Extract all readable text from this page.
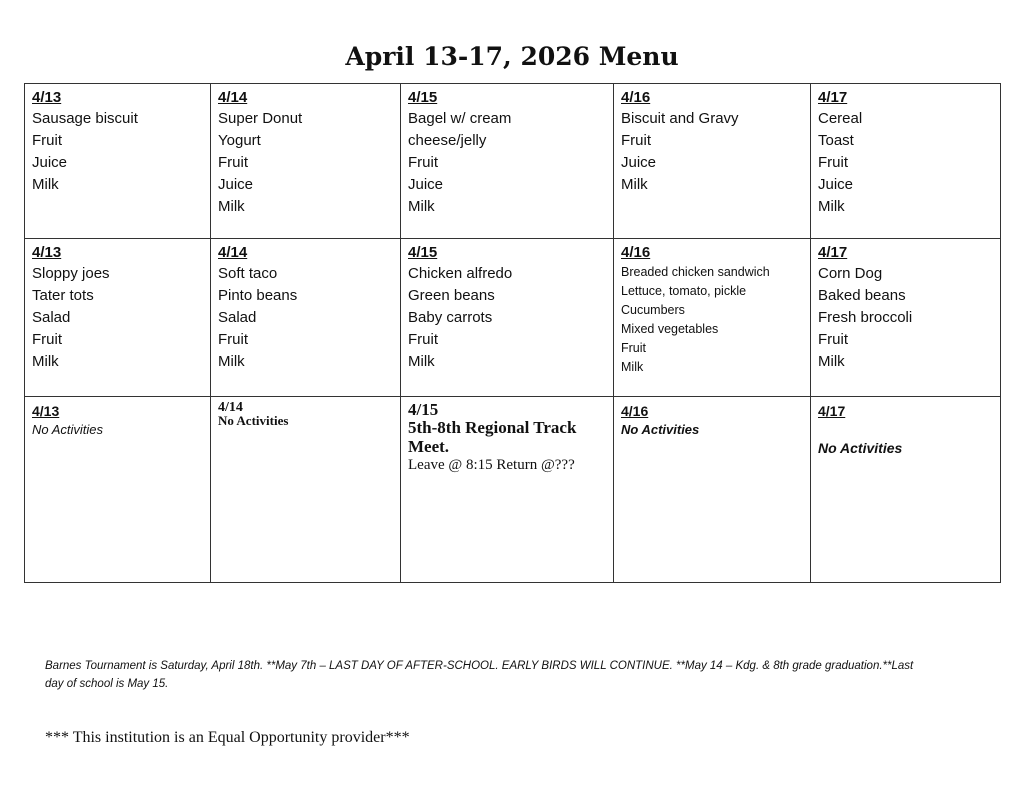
April 13-17, 2026 Menu
4/13
Sausage biscuit
Fruit
Juice
Milk
4/14
Super Donut
Yogurt
Fruit
Juice
Milk
4/15
Bagel w/ cream
cheese/jelly
Fruit
Juice
Milk
4/16
Biscuit and Gravy
Fruit
Juice
Milk
4/17
Cereal
Toast
Fruit
Juice
Milk
4/13
Sloppy joes
Tater tots
Salad
Fruit
Milk
4/14
Soft taco
Pinto beans
Salad
Fruit
Milk
4/15
Chicken alfredo
Green beans
Baby carrots
Fruit
Milk
4/16
Breaded chicken sandwich
Lettuce, tomato, pickle
Cucumbers
Mixed vegetables
Fruit
Milk
4/17
Corn Dog
Baked beans
Fresh broccoli
Fruit
Milk
4/13
No Activities
4/14
No Activities
4/15
5th-8th Regional Track Meet.
Leave @ 8:15 Return @???
4/16
No Activities
4/17
No Activities
Barnes Tournament is Saturday, April 18th. **May 7th – LAST DAY OF AFTER-SCHOOL. EARLY BIRDS WILL CONTINUE. **May 14 – Kdg. & 8th grade graduation.**Last day of school is May 15.
*** This institution is an Equal Opportunity provider***
